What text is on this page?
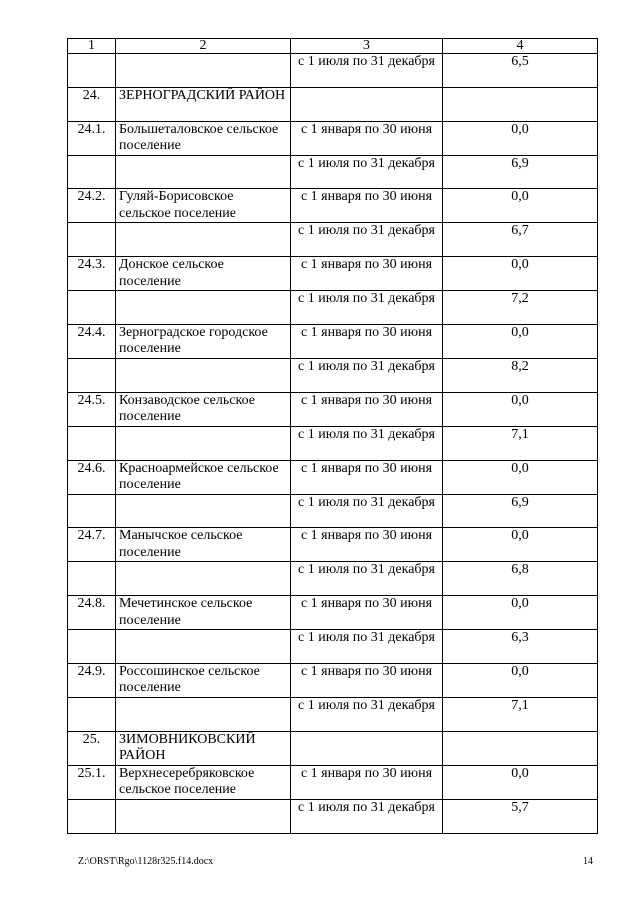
1	2	3	4
		с 1 июля по 31 декабря	6,5
24.	ЗЕРНОГРАДСКИЙ РАЙОН		
24.1.	Большеталовское сельское поселение	с 1 января по 30 июня	0,0
		с 1 июля по 31 декабря	6,9
24.2.	Гуляй-Борисовское сельское поселение	с 1 января по 30 июня	0,0
		с 1 июля по 31 декабря	6,7
24.3.	Донское сельское поселение	с 1 января по 30 июня	0,0
		с 1 июля по 31 декабря	7,2
24.4.	Зерноградское городское поселение	с 1 января по 30 июня	0,0
		с 1 июля по 31 декабря	8,2
24.5.	Конзаводское сельское поселение	с 1 января по 30 июня	0,0
		с 1 июля по 31 декабря	7,1
24.6.	Красноармейское сельское поселение	с 1 января по 30 июня	0,0
		с 1 июля по 31 декабря	6,9
24.7.	Манычское сельское поселение	с 1 января по 30 июня	0,0
		с 1 июля по 31 декабря	6,8
24.8.	Мечетинское сельское поселение	с 1 января по 30 июня	0,0
		с 1 июля по 31 декабря	6,3
24.9.	Россошинское сельское поселение	с 1 января по 30 июня	0,0
		с 1 июля по 31 декабря	7,1
25.	ЗИМОВНИКОВСКИЙ РАЙОН		
25.1.	Верхнесеребряковское сельское поселение	с 1 января по 30 июня	0,0
		с 1 июля по 31 декабря	5,7
Z:\ORST\Rgo\1128r325.f14.docx	14
